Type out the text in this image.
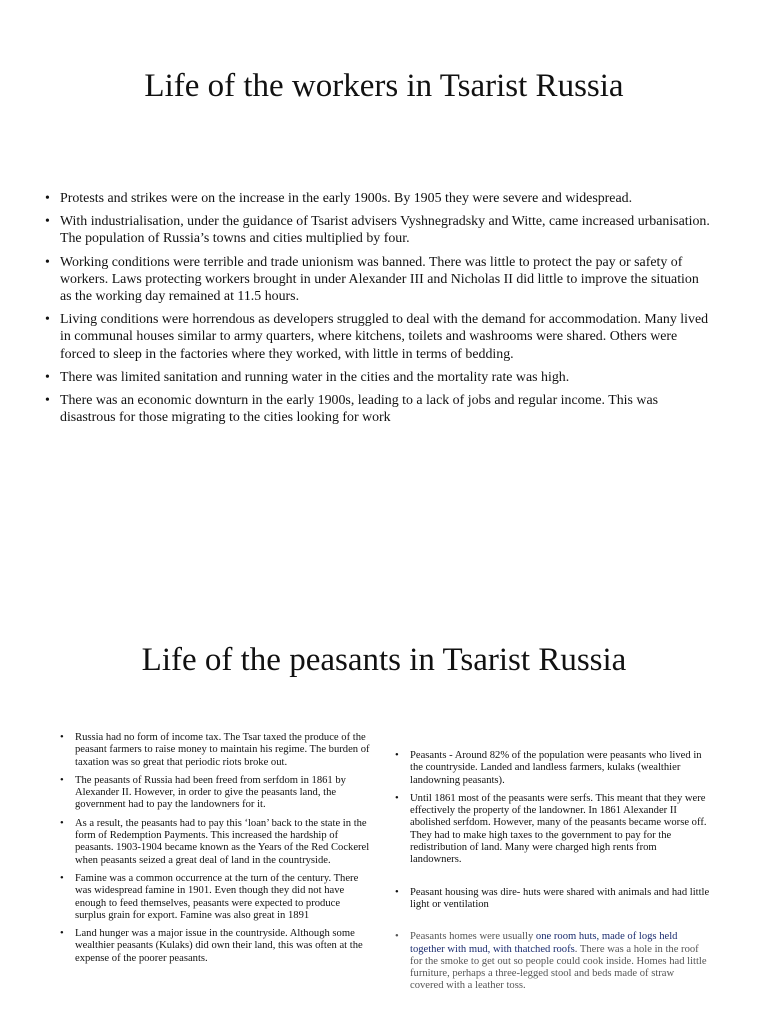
Life of the workers in Tsarist Russia
• Protests and strikes were on the increase in the early 1900s. By 1905 they were severe and widespread.
• With industrialisation, under the guidance of Tsarist advisers Vyshnegradsky and Witte, came increased urbanisation. The population of Russia’s towns and cities multiplied by four.
• Working conditions were terrible and trade unionism was banned. There was little to protect the pay or safety of workers. Laws protecting workers brought in under Alexander III and Nicholas II did little to improve the situation as the working day remained at 11.5 hours.
• Living conditions were horrendous as developers struggled to deal with the demand for accommodation. Many lived in communal houses similar to army quarters, where kitchens, toilets and washrooms were shared. Others were forced to sleep in the factories where they worked, with little in terms of bedding.
• There was limited sanitation and running water in the cities and the mortality rate was high.
• There was an economic downturn in the early 1900s, leading to a lack of jobs and regular income. This was disastrous for those migrating to the cities looking for work
Life of the peasants in Tsarist Russia
• Russia had no form of income tax. The Tsar taxed the produce of the peasant farmers to raise money to maintain his regime. The burden of taxation was so great that periodic riots broke out.
• The peasants of Russia had been freed from serfdom in 1861 by Alexander II. However, in order to give the peasants land, the government had to pay the landowners for it.
• As a result, the peasants had to pay this ‘loan’ back to the state in the form of Redemption Payments. This increased the hardship of peasants. 1903-1904 became known as the Years of the Red Cockerel when peasants seized a great deal of land in the countryside.
• Famine was a common occurrence at the turn of the century. There was widespread famine in 1901. Even though they did not have enough to feed themselves, peasants were expected to produce surplus grain for export. Famine was also great in 1891
• Land hunger was a major issue in the countryside. Although some wealthier peasants (Kulaks) did own their land, this was often at the expense of the poorer peasants.
• Peasants - Around 82% of the population were peasants who lived in the countryside. Landed and landless farmers, kulaks (wealthier landowning peasants).
• Until 1861 most of the peasants were serfs. This meant that they were effectively the property of the landowner. In 1861 Alexander II abolished serfdom. However, many of the peasants became worse off. They had to make high taxes to the government to pay for the redistribution of land. Many were charged high rents from landowners.
• Peasant housing was dire- huts were shared with animals and had little light or ventilation
• Peasants homes were usually one room huts, made of logs held together with mud, with thatched roofs. There was a hole in the roof for the smoke to get out so people could cook inside. Homes had little furniture, perhaps a three-legged stool and beds made of straw covered with a leather toss.
